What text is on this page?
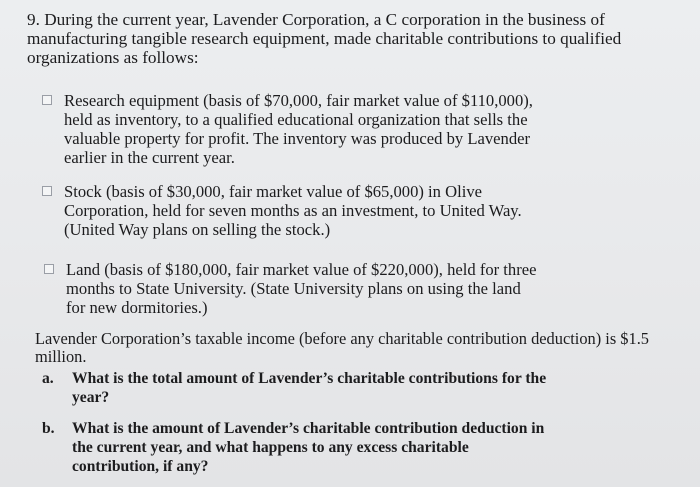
9. During the current year, Lavender Corporation, a C corporation in the business of manufacturing tangible research equipment, made charitable contributions to qualified organizations as follows:
Research equipment (basis of $70,000, fair market value of $110,000), held as inventory, to a qualified educational organization that sells the valuable property for profit. The inventory was produced by Lavender earlier in the current year.
Stock (basis of $30,000, fair market value of $65,000) in Olive Corporation, held for seven months as an investment, to United Way. (United Way plans on selling the stock.)
Land (basis of $180,000, fair market value of $220,000), held for three months to State University. (State University plans on using the land for new dormitories.)
Lavender Corporation’s taxable income (before any charitable contribution deduction) is $1.5 million.
a. What is the total amount of Lavender’s charitable contributions for the year?
b. What is the amount of Lavender’s charitable contribution deduction in the current year, and what happens to any excess charitable contribution, if any?
